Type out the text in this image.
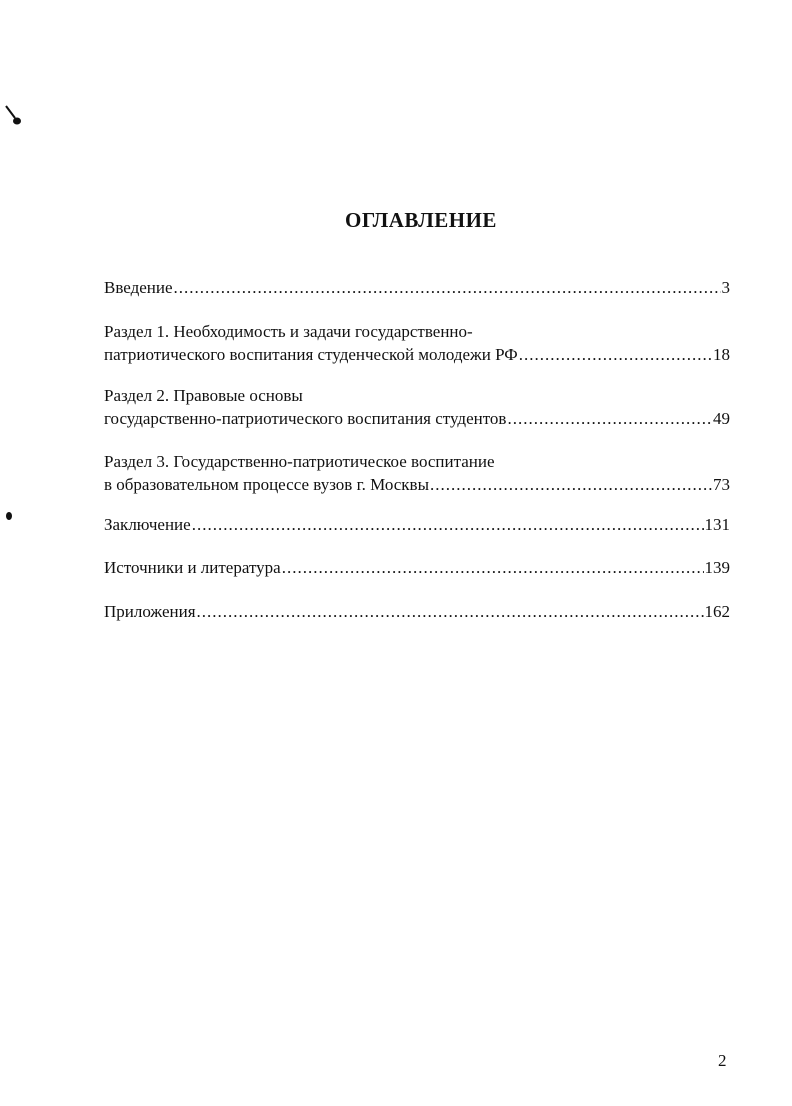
ОГЛАВЛЕНИЕ
Введение .....	3
Раздел 1. Необходимость и задачи государственно-
патриотического воспитания студенческой молодежи РФ .....	18
Раздел 2. Правовые основы
государственно-патриотического воспитания студентов .....	49
Раздел 3. Государственно-патриотическое воспитание
в образовательном процессе вузов г. Москвы .....	73
Заключение .....	131
Источники и литература .....	139
Приложения .....	162
2
